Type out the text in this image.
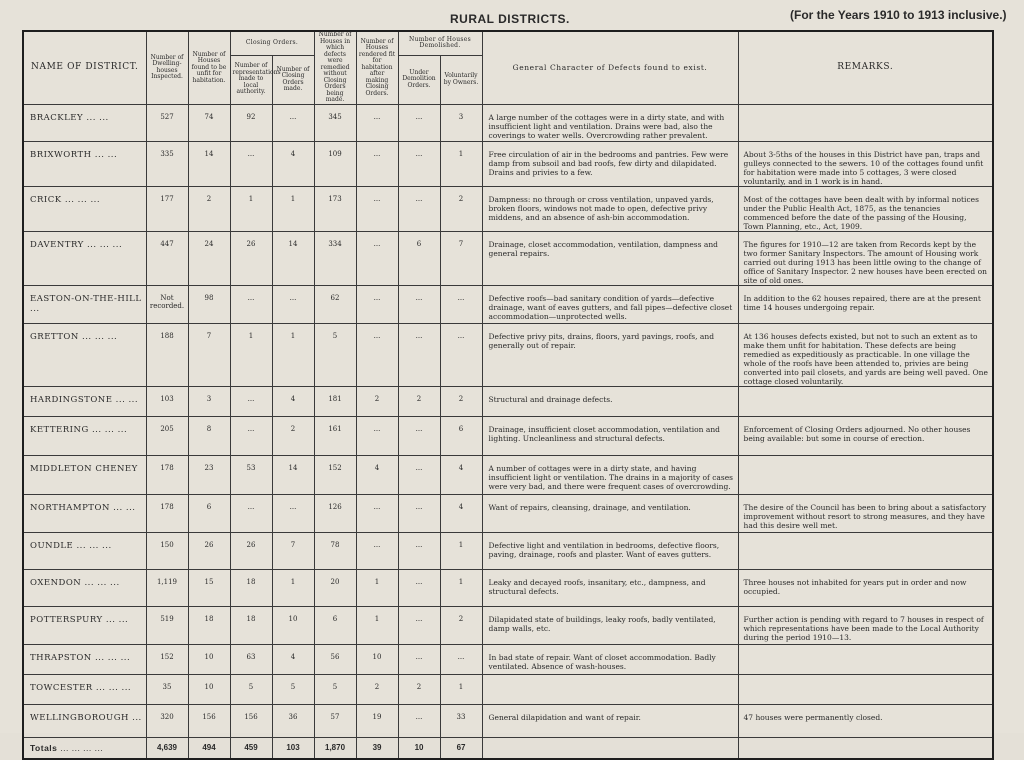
RURAL DISTRICTS.	(For the Years 1910 to 1913 inclusive.)
NAME OF DISTRICT.	Number of Dwelling-houses Inspected.	Number of Houses found to be unfit for habitation.	Closing Orders.		Number of Houses in which defects were remedied without Closing Orders being made.	Number of Houses rendered fit for habitation after making Closing Orders.	Number of Houses Demolished.		General Character of Defects found to exist.	REMARKS.
			Number of representations made to local authority.	Number of Closing Orders made.			Under Demolition Orders.	Voluntarily by Owners.		
BRACKLEY ... ...	527	74	92	...	345	...	...	3	A large number of the cottages were in a dirty state, and with insufficient light and ventilation. Drains were bad, also the coverings to water wells. Overcrowding rather prevalent.	
BRIXWORTH ... ...	335	14	...	4	109	...	...	1	Free circulation of air in the bedrooms and pantries. Few were damp from subsoil and bad roofs, few dirty and dilapidated. Drains and privies to a few.	About 3-5ths of the houses in this District have pan, traps and gulleys connected to the sewers. 10 of the cottages found unfit for habitation were made into 5 cottages, 3 were closed voluntarily, and in 1 work is in hand.
CRICK ... ... ...	177	2	1	1	173	...	...	2	Dampness: no through or cross ventilation, unpaved yards, broken floors, windows not made to open, defective privy middens, and an absence of ash-bin accommodation.	Most of the cottages have been dealt with by informal notices under the Public Health Act, 1875, as the tenancies commenced before the date of the passing of the Housing, Town Planning, etc., Act, 1909.
DAVENTRY ... ... ...	447	24	26	14	334	...	6	7	Drainage, closet accommodation, ventilation, dampness and general repairs.	The figures for 1910—12 are taken from Records kept by the two former Sanitary Inspectors. The amount of Housing work carried out during 1913 has been little owing to the change of office of Sanitary Inspector. 2 new houses have been erected on site of old ones.
EASTON-ON-THE-HILL ...	Not recorded.	98	...	...	62	...	...	...	Defective roofs—bad sanitary condition of yards—defective drainage, want of eaves gutters, and fall pipes—defective closet accommodation—unprotected wells.	In addition to the 62 houses repaired, there are at the present time 14 houses undergoing repair.
GRETTON ... ... ...	188	7	1	1	5	...	...	...	Defective privy pits, drains, floors, yard pavings, roofs, and generally out of repair.	At 136 houses defects existed, but not to such an extent as to make them unfit for habitation. These defects are being remedied as expeditiously as practicable. In one village the whole of the roofs have been attended to, privies are being converted into pail closets, and yards are being well paved. One cottage closed voluntarily.
HARDINGSTONE ... ...	103	3	...	4	181	2	2	2	Structural and drainage defects.	
KETTERING ... ... ...	205	8	...	2	161	...	...	6	Drainage, insufficient closet accommodation, ventilation and lighting. Uncleanliness and structural defects.	Enforcement of Closing Orders adjourned. No other houses being available: but some in course of erection.
MIDDLETON CHENEY	178	23	53	14	152	4	...	4	A number of cottages were in a dirty state, and having insufficient light or ventilation. The drains in a majority of cases were very bad, and there were frequent cases of overcrowding.	
NORTHAMPTON ... ...	178	6	...	...	126	...	...	4	Want of repairs, cleansing, drainage, and ventilation.	The desire of the Council has been to bring about a satisfactory improvement without resort to strong measures, and they have had this desire well met.
OUNDLE ... ... ...	150	26	26	7	78	...	...	1	Defective light and ventilation in bedrooms, defective floors, paving, drainage, roofs and plaster. Want of eaves gutters.	
OXENDON ... ... ...	1,119	15	18	1	20	1	...	1	Leaky and decayed roofs, insanitary, etc., dampness, and structural defects.	Three houses not inhabited for years put in order and now occupied.
POTTERSPURY ... ...	519	18	18	10	6	1	...	2	Dilapidated state of buildings, leaky roofs, badly ventilated, damp walls, etc.	Further action is pending with regard to 7 houses in respect of which representations have been made to the Local Authority during the period 1910—13.
THRAPSTON ... ... ...	152	10	63	4	56	10	...	...	In bad state of repair. Want of closet accommodation. Badly ventilated. Absence of wash-houses.	
TOWCESTER ... ... ...	35	10	5	5	5	2	2	1		
WELLINGBOROUGH ...	320	156	156	36	57	19	...	33	General dilapidation and want of repair.	47 houses were permanently closed.
Totals ... ... ... ...	4,639	494	459	103	1,870	39	10	67		
